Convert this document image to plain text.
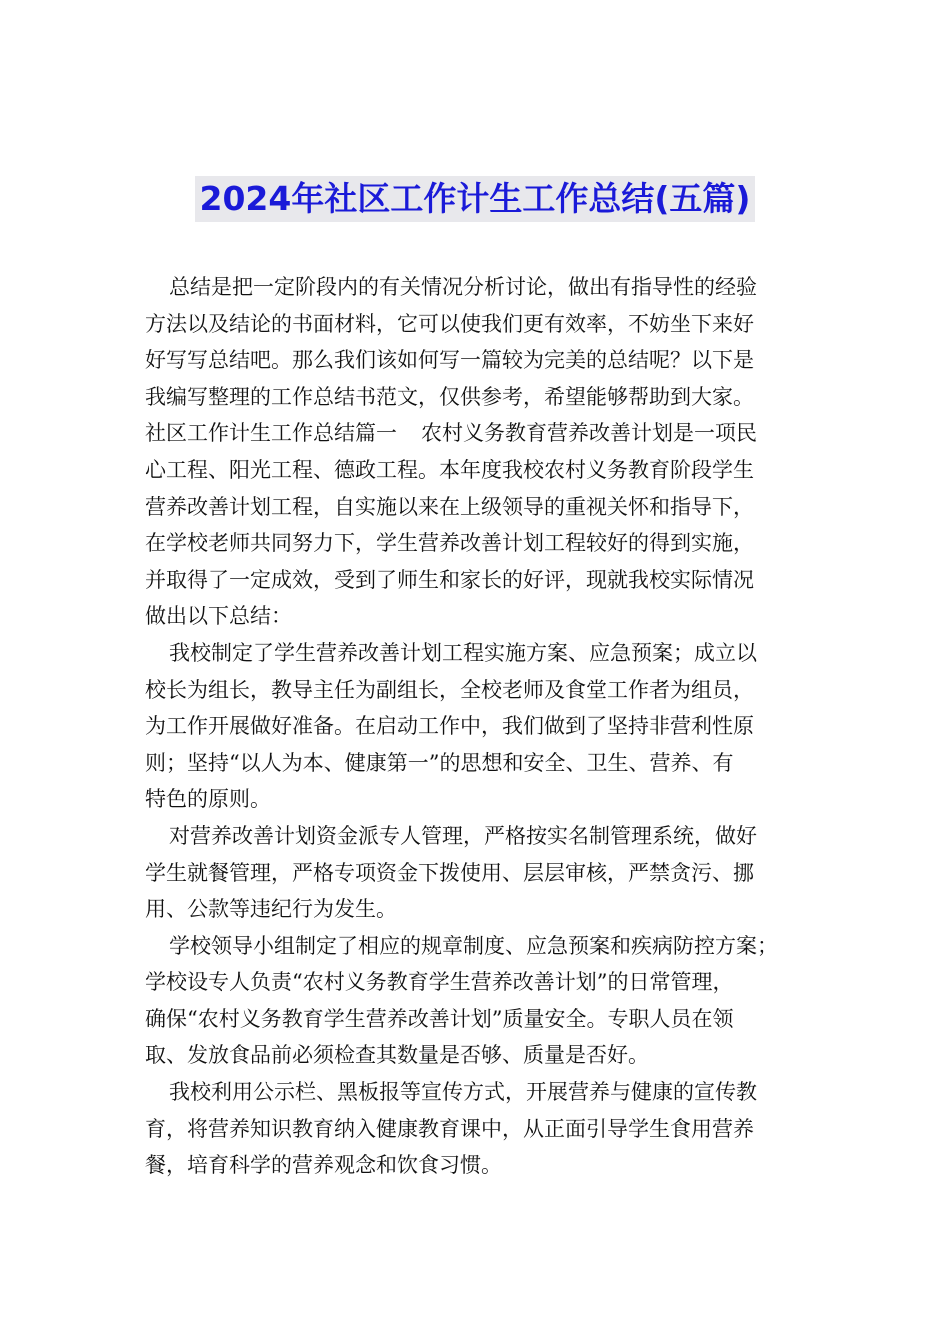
2024年社区工作计生工作总结(五篇)
总结是把一定阶段内的有关情况分析讨论，做出有指导性的经验
方法以及结论的书面材料，它可以使我们更有效率，不妨坐下来好
好写写总结吧。那么我们该如何写一篇较为完美的总结呢？以下是
我编写整理的工作总结书范文，仅供参考，希望能够帮助到大家。
社区工作计生工作总结篇一 农村义务教育营养改善计划是一项民
心工程、阳光工程、德政工程。本年度我校农村义务教育阶段学生
营养改善计划工程，自实施以来在上级领导的重视关怀和指导下，
在学校老师共同努力下，学生营养改善计划工程较好的得到实施，
并取得了一定成效，受到了师生和家长的好评，现就我校实际情况
做出以下总结：
我校制定了学生营养改善计划工程实施方案、应急预案；成立以
校长为组长，教导主任为副组长，全校老师及食堂工作者为组员，
为工作开展做好准备。在启动工作中，我们做到了坚持非营利性原
则；坚持“以人为本、健康第一”的思想和安全、卫生、营养、有
特色的原则。
对营养改善计划资金派专人管理，严格按实名制管理系统，做好
学生就餐管理，严格专项资金下拨使用、层层审核，严禁贪污、挪
用、公款等违纪行为发生。
学校领导小组制定了相应的规章制度、应急预案和疾病防控方案；
学校设专人负责“农村义务教育学生营养改善计划”的日常管理，
确保“农村义务教育学生营养改善计划”质量安全。专职人员在领
取、发放食品前必须检查其数量是否够、质量是否好。
我校利用公示栏、黑板报等宣传方式，开展营养与健康的宣传教
育，将营养知识教育纳入健康教育课中，从正面引导学生食用营养
餐，培育科学的营养观念和饮食习惯。
